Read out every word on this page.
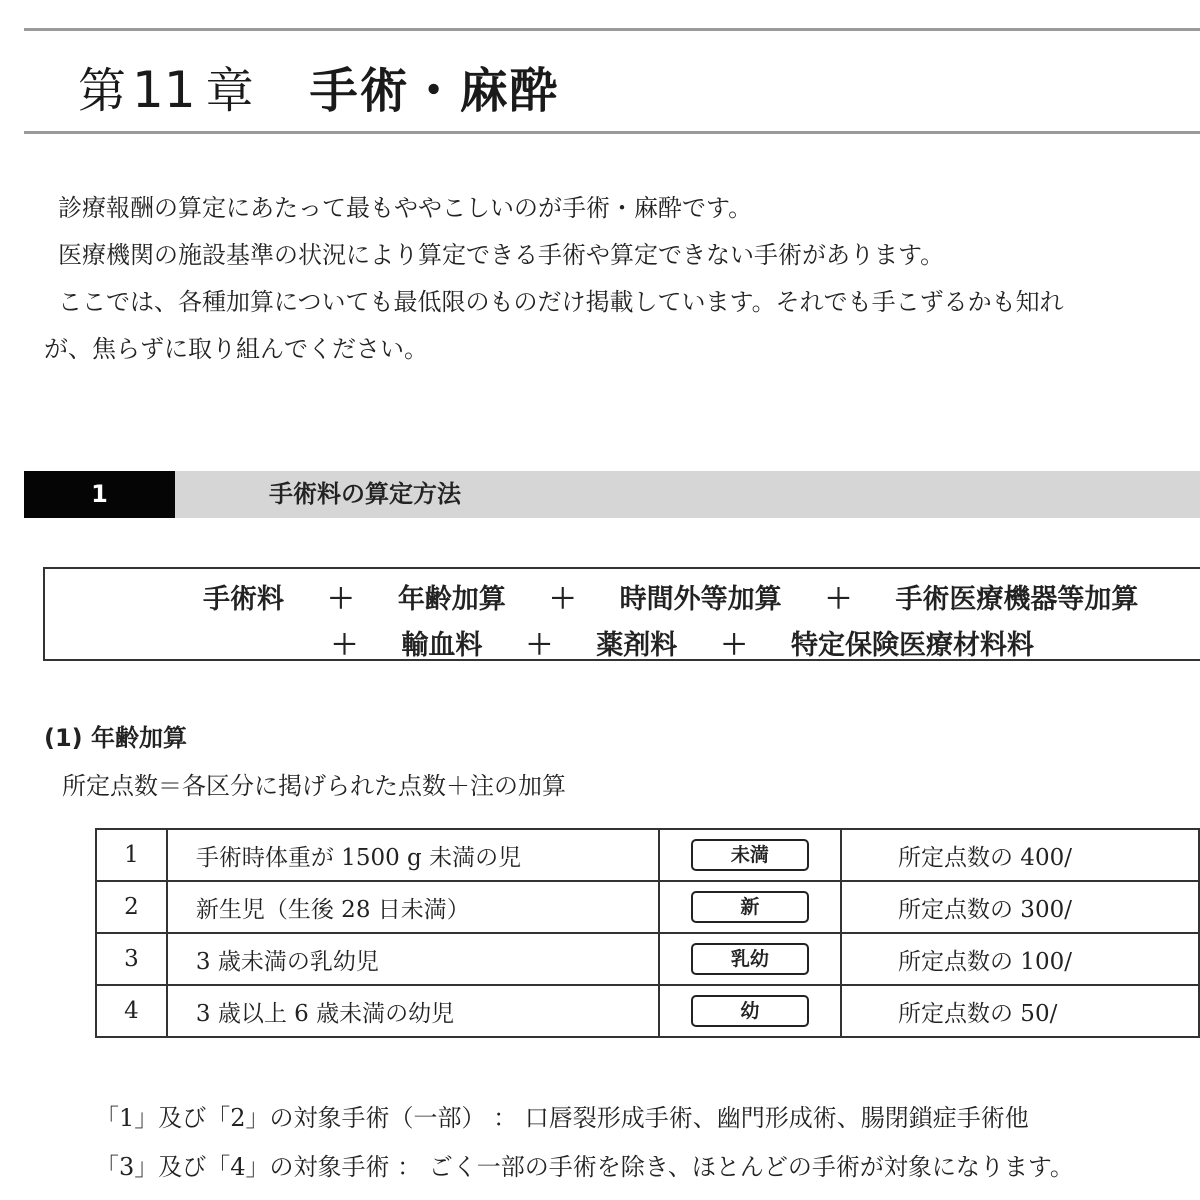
第 11 章 手術・麻酔

診療報酬の算定にあたって最もややこしいのが手術・麻酔です。

医療機関の施設基準の状況により算定できる手術や算定できない手術があります。

ここでは、各種加算についても最低限のものだけ掲載しています。それでも手こずるかも知れ

が、焦らずに取り組んでください。

1	手術料の算定方法
手術料 ＋ 年齢加算 ＋ 時間外等加算 ＋ 手術医療機器等加算
＋ 輸血料 ＋ 薬剤料 ＋ 特定保険医療材料料
(1) 年齢加算
所定点数＝各区分に掲げられた点数＋注の加算
1	手術時体重が 1500 g 未満の児	未満	所定点数の 400/
2	新生児（生後 28 日未満）	新	所定点数の 300/
3	3 歳未満の乳幼児	乳幼	所定点数の 100/
4	3 歳以上 6 歳未満の幼児	幼	所定点数の 50/

「1」及び「2」の対象手術（一部） ： 口唇裂形成手術、幽門形成術、腸閉鎖症手術他

「3」及び「4」の対象手術 ： ごく一部の手術を除き、ほとんどの手術が対象になります。
